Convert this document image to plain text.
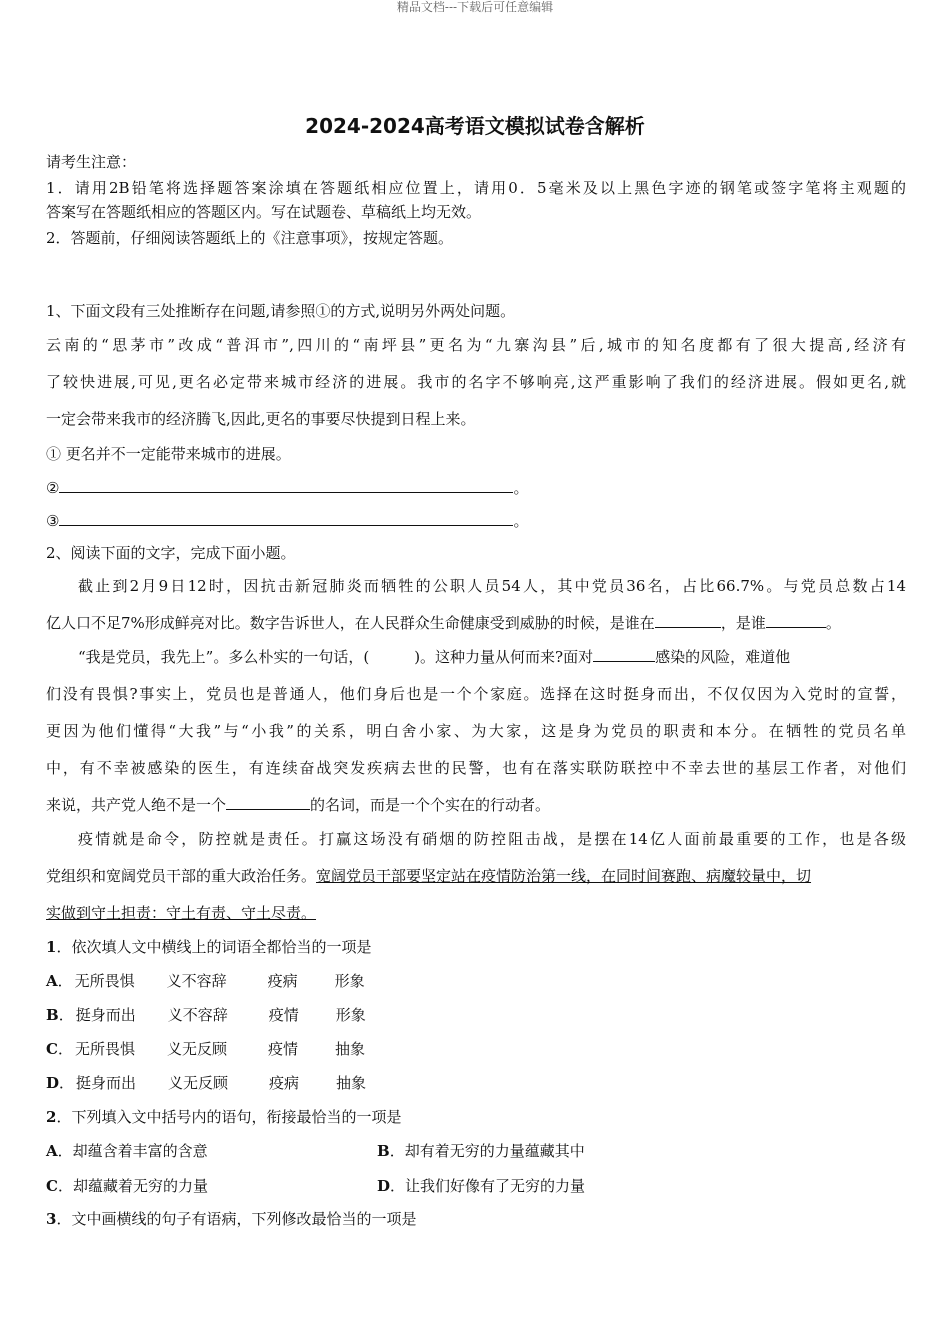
精品文档---下载后可任意编辑
2024-2024高考语文模拟试卷含解析
请考生注意：
1．请用2B铅笔将选择题答案涂填在答题纸相应位置上，请用0．5毫米及以上黑色字迹的钢笔或签字笔将主观题的
答案写在答题纸相应的答题区内。写在试题卷、草稿纸上均无效。
2．答题前，仔细阅读答题纸上的《注意事项》，按规定答题。
1、下面文段有三处推断存在问题,请参照①的方式,说明另外两处问题。
云南的“思茅市”改成“普洱市”,四川的“南坪县”更名为“九寨沟县”后,城市的知名度都有了很大提高,经济有
了较快进展,可见,更名必定带来城市经济的进展。我市的名字不够响亮,这严重影响了我们的经济进展。假如更名,就
一定会带来我市的经济腾飞,因此,更名的事要尽快提到日程上来。
① 更名并不一定能带来城市的进展。
②	。
③	。
2、阅读下面的文字，完成下面小题。
截止到2月9日12时，因抗击新冠肺炎而牺牲的公职人员54人，其中党员36名，占比66.7%。与党员总数占14
亿人口不足7%形成鲜亮对比。数字告诉世人，在人民群众生命健康受到威胁的时候，是谁在	，是谁	。
“我是党员，我先上”。多么朴实的一句话，(　　　)。这种力量从何而来?面对	感染的风险，难道他
们没有畏惧?事实上，党员也是普通人，他们身后也是一个个家庭。选择在这时挺身而出，不仅仅因为入党时的宣誓，
更因为他们懂得“大我”与“小我”的关系，明白舍小家、为大家，这是身为党员的职责和本分。在牺牲的党员名单
中，有不幸被感染的医生，有连续奋战突发疾病去世的民警，也有在落实联防联控中不幸去世的基层工作者，对他们
来说，共产党人绝不是一个	的名词，而是一个个实在的行动者。
疫情就是命令，防控就是责任。打赢这场没有硝烟的防控阻击战，是摆在14亿人面前最重要的工作，也是各级
党组织和宽阔党员干部的重大政治任务。宽阔党员干部要坚定站在疫情防治第一线，在同时间赛跑、病魔较量中，切
实做到守土担责：守土有责、守土尽责。
1．依次填人文中横线上的词语全都恰当的一项是
A． 无所畏惧 义不容辞	疫病 形象
B． 挺身而出 义不容辞	疫情 形象
C． 无所畏惧 义无反顾	疫情 抽象
D． 挺身而出 义无反顾	疫病 抽象
2．下列填入文中括号内的语句，衔接最恰当的一项是
A．却蕴含着丰富的含意	B．却有着无穷的力量蕴藏其中
C．却蕴藏着无穷的力量	D．让我们好像有了无穷的力量
3．文中画横线的句子有语病，下列修改最恰当的一项是
